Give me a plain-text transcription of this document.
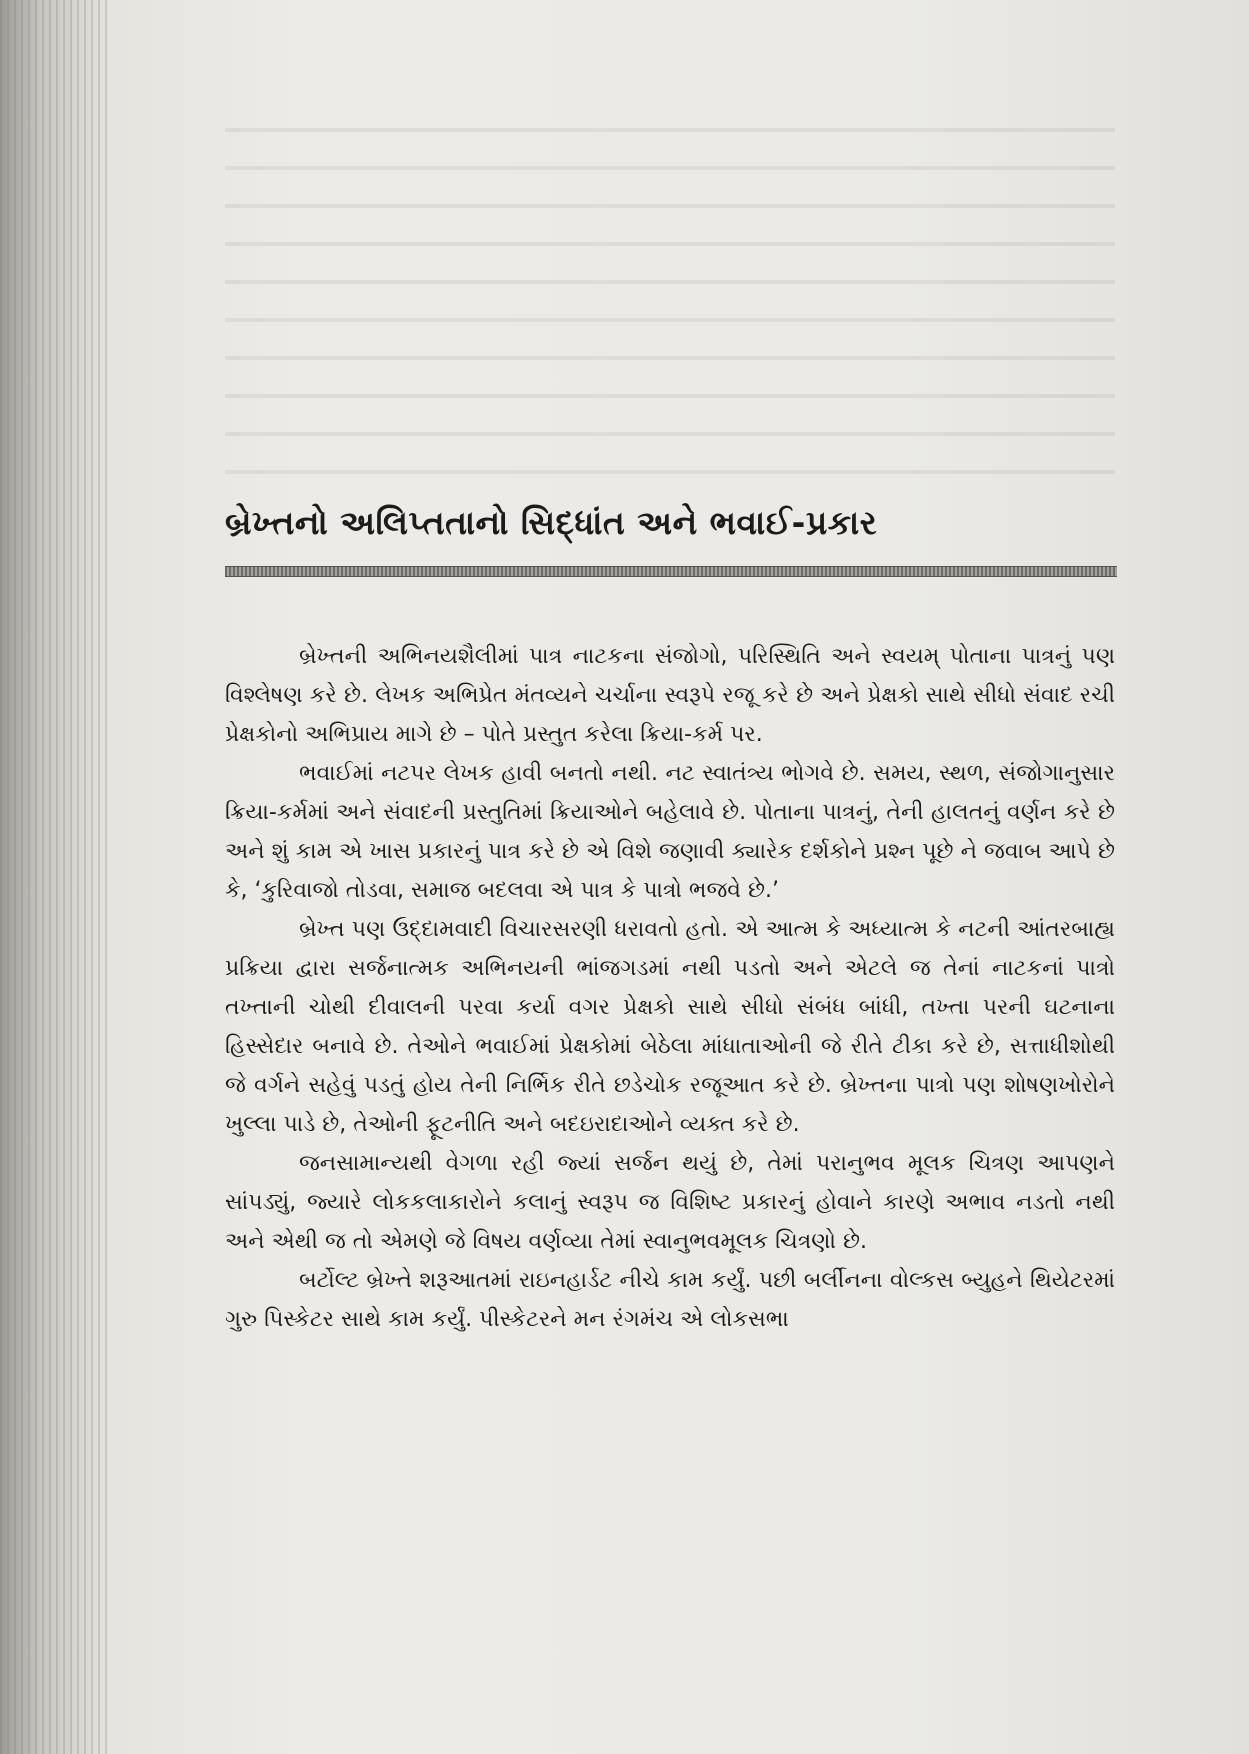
બ્રેખ્તનો અલિપ્તતાનો સિદ્ધાંત અને ભવાઈ-પ્રકાર

બ્રેખ્તની અભિનયશૈલીમાં પાત્ર નાટકના સંજોગો, પરિસ્થિતિ અને સ્વયમ્ પોતાના પાત્રનું પણ વિશ્લેષણ કરે છે. લેખક અભિપ્રેત મંતવ્યને ચર્ચાના સ્વરૂપે રજૂ કરે છે અને પ્રેક્ષકો સાથે સીધો સંવાદ રચી પ્રેક્ષકોનો અભિપ્રાય માગે છે – પોતે પ્રસ્તુત કરેલા ક્રિયા-કર્મ પર.

ભવાઈમાં નટપર લેખક હાવી બનતો નથી. નટ સ્વાતંત્ર્ય ભોગવે છે. સમય, સ્થળ, સંજોગાનુસાર ક્રિયા-કર્મમાં અને સંવાદની પ્રસ્તુતિમાં ક્રિયાઓને બહેલાવે છે. પોતાના પાત્રનું, તેની હાલતનું વર્ણન કરે છે અને શું કામ એ ખાસ પ્રકારનું પાત્ર કરે છે એ વિશે જણાવી ક્યારેક દર્શકોને પ્રશ્ન પૂછે ને જવાબ આપે છે કે, ‘કુરિવાજો તોડવા, સમાજ બદલવા એ પાત્ર કે પાત્રો ભજવે છે.’

બ્રેખ્ત પણ ઉદ્દામવાદી વિચારસરણી ધરાવતો હતો. એ આત્મ કે અધ્યાત્મ કે નટની આંતરબાહ્ય પ્રક્રિયા દ્વારા સર્જનાત્મક અભિનયની ભાંજગડમાં નથી પડતો અને એટલે જ તેનાં નાટકનાં પાત્રો તખ્તાની ચોથી દીવાલની પરવા કર્યા વગર પ્રેક્ષકો સાથે સીધો સંબંધ બાંધી, તખ્તા પરની ઘટનાના હિસ્સેદાર બનાવે છે. તેઓને ભવાઈમાં પ્રેક્ષકોમાં બેઠેલા માંધાતાઓની જે રીતે ટીકા કરે છે, સત્તાધીશોથી જે વર્ગને સહેવું પડતું હોય તેની નિર્ભિક રીતે છડેચોક રજૂઆત કરે છે. બ્રેખ્તના પાત્રો પણ શોષણખોરોને ખુલ્લા પાડે છે, તેઓની ફૂટનીતિ અને બદઇરાદાઓને વ્યક્ત કરે છે.

જનસામાન્યથી વેગળા રહી જ્યાં સર્જન થયું છે, તેમાં પરાનુભવ મૂલક ચિત્રણ આપણને સાંપડ્યું, જ્યારે લોકકલાકારોને કલાનું સ્વરૂપ જ વિશિષ્ટ પ્રકારનું હોવાને કારણે અભાવ નડતો નથી અને એથી જ તો એમણે જે વિષય વર્ણવ્યા તેમાં સ્વાનુભવમૂલક ચિત્રણો છે.

બર્ટોલ્ટ બ્રેખ્તે શરૂઆતમાં રાઇનહાર્ડટ નીચે કામ કર્યું. પછી બર્લીનના વોલ્કસ બ્યુહને થિયેટરમાં ગુરુ પિસ્કેટર સાથે કામ કર્યું. પીસ્કેટરને મન રંગમંચ એ લોકસભા
